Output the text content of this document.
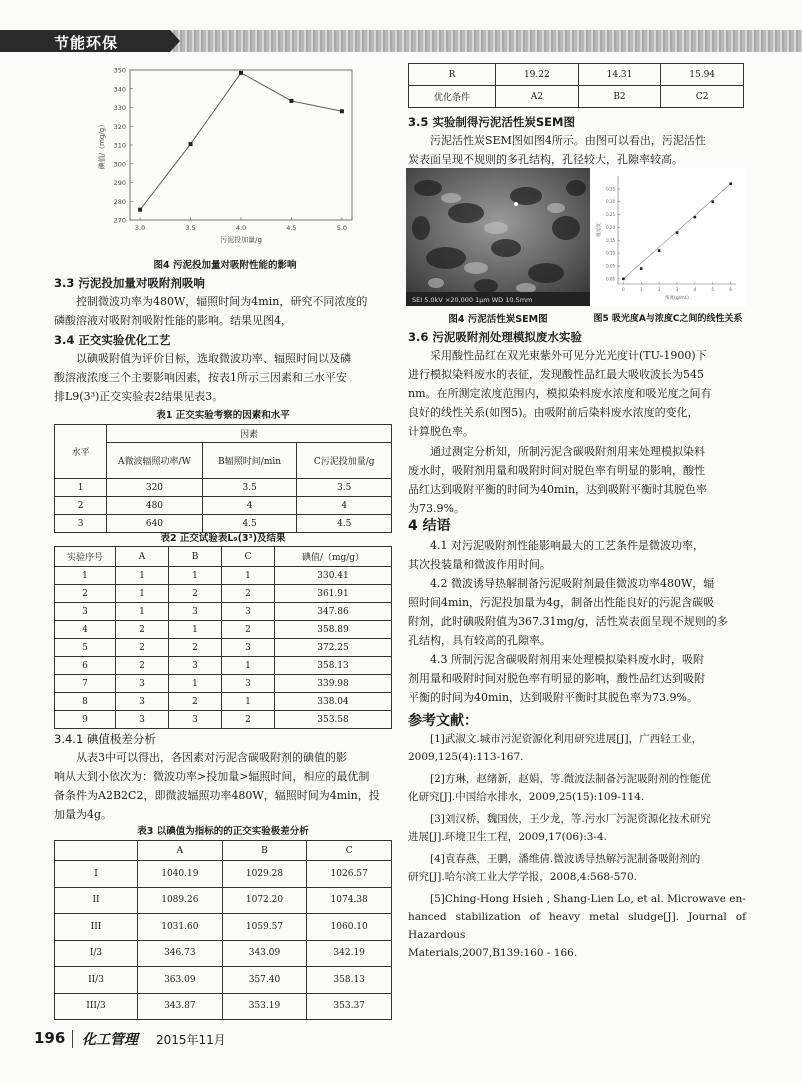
节能环保
270
280
290
300
310
320
330
340
350
3.0	3.5	4.0	4.5	5.0
污泥投加量/g
碘值/（mg/g）
图4 污泥投加量对吸附性能的影响
3.3 污泥投加量对吸附剂吸响
控制微波功率为480W，辐照时间为4min，研究不同浓度的
磷酸溶液对吸附剂吸附性能的影响。结果见图4，
3.4 正交实验优化工艺
以碘吸附值为评价目标，选取微波功率、辐照时间以及磷
酸溶液浓度三个主要影响因素，按表1所示三因素和三水平安
排L9(3³)正交实验表2结果见表3。
表1 正交实验考察的因素和水平
水平	因素		
	A微波辐照功率/W	B辐照时间/min	C污泥投加量/g
1	320	3.5	3.5
2	480	4	4
3	640	4.5	4.5
表2 正交试验表L₉(3³)及结果
实验序号	A	B	C	碘值/（mg/g）
1	1	1	1	330.41
2	1	2	2	361.91
3	1	3	3	347.86
4	2	1	2	358.89
5	2	2	3	372.25
6	2	3	1	358.13
7	3	1	3	339.98
8	3	2	1	338.04
9	3	3	2	353.58
3.4.1 碘值极差分析
从表3中可以得出，各因素对污泥含碳吸附剂的碘值的影
响从大到小依次为：微波功率>投加量>辐照时间，相应的最优制
备条件为A2B2C2，即微波辐照功率480W，辐照时间为4min，投
加量为4g。
表3 以碘值为指标的的正交实验极差分析
	A	B	C
I	1040.19	1029.28	1026.57
II	1089.26	1072.20	1074.38
III	1031.60	1059.57	1060.10
I/3	346.73	343.09	342.19
II/3	363.09	357.40	358.13
III/3	343.87	353.19	353.37
R	19.22	14.31	15.94
优化条件	A2	B2	C2
3.5 实验制得污泥活性炭SEM图
污泥活性炭SEM图如图4所示。由图可以看出，污泥活性
炭表面呈现不规则的多孔结构，孔径较大，孔隙率较高。
SEI 5.0kV ×20,000 1μm WD 10.5mm
图4 污泥活性炭SEM图
0.00
0.05
0.10
0.15
0.20
0.25
0.30
0.35
0	1	2	3	4	5	6
浓度(g/mL)
吸光度
图5 吸光度A与浓度C之间的线性关系
3.6 污泥吸附剂处理模拟废水实验
采用酸性品红在双光束紫外可见分光光度计(TU-1900)下
进行模拟染料废水的表征，发现酸性品红最大吸收波长为545
nm。在所测定浓度范围内，模拟染料废水浓度和吸光度之间有
良好的线性关系(如图5)。由吸附前后染料废水浓度的变化，
计算脱色率。
通过测定分析知，所制污泥含碳吸附剂用来处理模拟染料
废水时，吸附剂用量和吸附时间对脱色率有明显的影响，酸性
品红达到吸附平衡的时间为40min，达到吸附平衡时其脱色率
为73.9%。
4 结语
4.1 对污泥吸附剂性能影响最大的工艺条件是微波功率，
其次投装量和微波作用时间。
4.2 微波诱导热解制备污泥吸附剂最佳微波功率480W，辐
照时间4min，污泥投加量为4g，制备出性能良好的污泥含碳吸
附剂，此时碘吸附值为367.31mg/g，活性炭表面呈现不规则的多
孔结构，具有较高的孔隙率。
4.3 所制污泥含碳吸附剂用来处理模拟染料废水时，吸附
剂用量和吸附时间对脱色率有明显的影响，酸性品红达到吸附
平衡的时间为40min，达到吸附平衡时其脱色率为73.9%。
参考文献：
[1]武淑文.城市污泥资源化利用研究进展[J]，广西轻工业，
2009,125(4):113-167.
[2]方琳，赵绪新，赵娟，等.微波法制备污泥吸附剂的性能优
化研究[J].中国给水排水，2009,25(15):109-114.
[3]刘汉桥，魏国侠，王少龙，等.污水厂污泥资源化技术研究
进展[J].环境卫生工程，2009,17(06):3-4.
[4]袁春燕，王鹏，潘维倩.微波诱导热解污泥制备吸附剂的
研究[J].哈尔滨工业大学学报，2008,4:568-570.
[5]Ching-Hong Hsieh , Shang-Lien Lo, et al. Microwave en-
hanced stabilization of heavy metal sludge[J]. Journal of Hazardous
Materials,2007,B139:160 - 166.
196 化工管理 2015年11月
